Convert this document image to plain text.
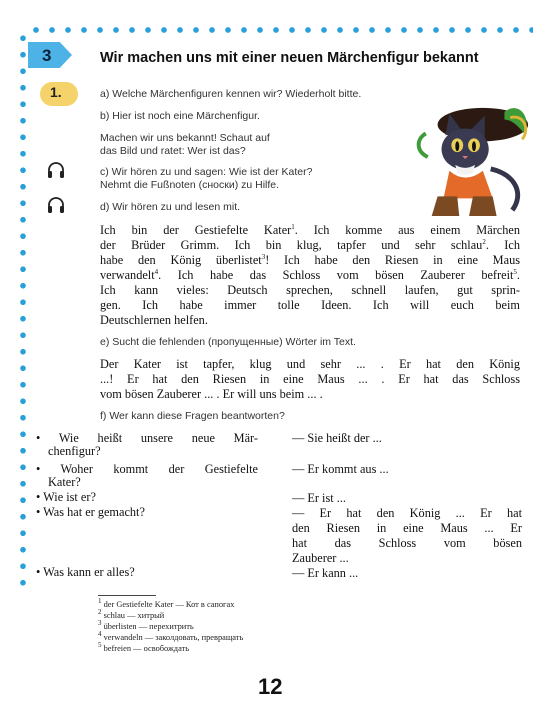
3	Wir machen uns mit einer neuen Märchenfigur bekannt
1.	a) Welche Märchenfiguren kennen wir? Wiederholt bitte.
b) Hier ist noch eine Märchenfigur.
Machen wir uns bekannt! Schaut auf
das Bild und ratet: Wer ist das?
c) Wir hören zu und sagen: Wie ist der Kater?
Nehmt die Fußnoten (сноски) zu Hilfe.
d) Wir hören zu und lesen mit.
Ich bin der Gestiefelte Kater$^1$. Ich komme aus einem Märchen
der Brüder Grimm. Ich bin klug, tapfer und sehr schlau$^2$. Ich
habe den König überlistet$^3$! Ich habe den Riesen in eine Maus
verwandelt$^4$. Ich habe das Schloss vom bösen Zauberer befreit$^5$.
Ich kann vieles: Deutsch sprechen, schnell laufen, gut sprin-
gen. Ich habe immer tolle Ideen. Ich will euch beim
Deutschlernen helfen.
e) Sucht die fehlenden (пропущенные) Wörter im Text.
Der Kater ist tapfer, klug und sehr ... . Er hat den König
...! Er hat den Riesen in eine Maus ... . Er hat das Schloss
vom bösen Zauberer ... . Er will uns beim ... .
f) Wer kann diese Fragen beantworten?
• Wie heißt unsere neue Mär-
chenfigur?
— Sie heißt der ...
• Woher kommt der Gestiefelte
Kater?
— Er kommt aus ...
• Wie ist er?	— Er ist ...
• Was hat er gemacht?	— Er hat den König ... Er hat
den Riesen in eine Maus ... Er
hat das Schloss vom bösen
Zauberer ...
• Was kann er alles?	— Er kann ...
$^1$ der Gestiefelte Kater — Кот в сапогах
$^2$ schlau — хитрый
$^3$ überlisten — перехитрить
$^4$ verwandeln — заколдовать, превращать
$^5$ befreien — освобождать
12
